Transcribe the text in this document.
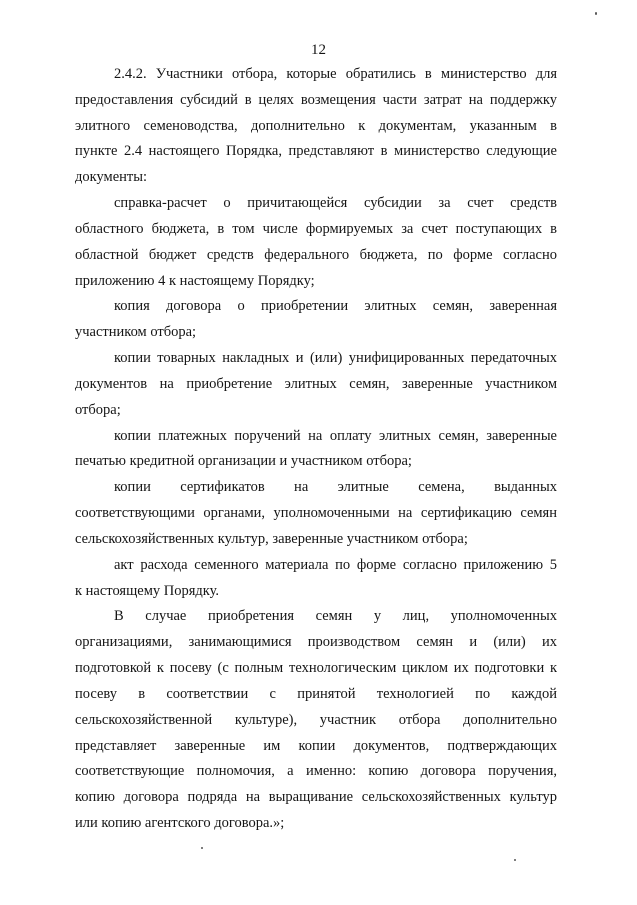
12
2.4.2. Участники отбора, которые обратились в министерство для
предоставления субсидий в целях возмещения части затрат на поддержку
элитного семеноводства, дополнительно к документам, указанным в
пункте 2.4 настоящего Порядка, представляют в министерство следующие
документы:
справка-расчет о причитающейся субсидии за счет средств
областного бюджета, в том числе формируемых за счет поступающих в
областной бюджет средств федерального бюджета, по форме согласно
приложению 4 к настоящему Порядку;
копия договора о приобретении элитных семян, заверенная
участником отбора;
копии товарных накладных и (или) унифицированных передаточных
документов на приобретение элитных семян, заверенные участником
отбора;
копии платежных поручений на оплату элитных семян, заверенные
печатью кредитной организации и участником отбора;
копии сертификатов на элитные семена, выданных
соответствующими органами, уполномоченными на сертификацию семян
сельскохозяйственных культур, заверенные участником отбора;
акт расхода семенного материала по форме согласно приложению 5
к настоящему Порядку.
В случае приобретения семян у лиц, уполномоченных
организациями, занимающимися производством семян и (или) их
подготовкой к посеву (с полным технологическим циклом их подготовки к
посеву в соответствии с принятой технологией по каждой
сельскохозяйственной культуре), участник отбора дополнительно
представляет заверенные им копии документов, подтверждающих
соответствующие полномочия, а именно: копию договора поручения,
копию договора подряда на выращивание сельскохозяйственных культур
или копию агентского договора.»;
